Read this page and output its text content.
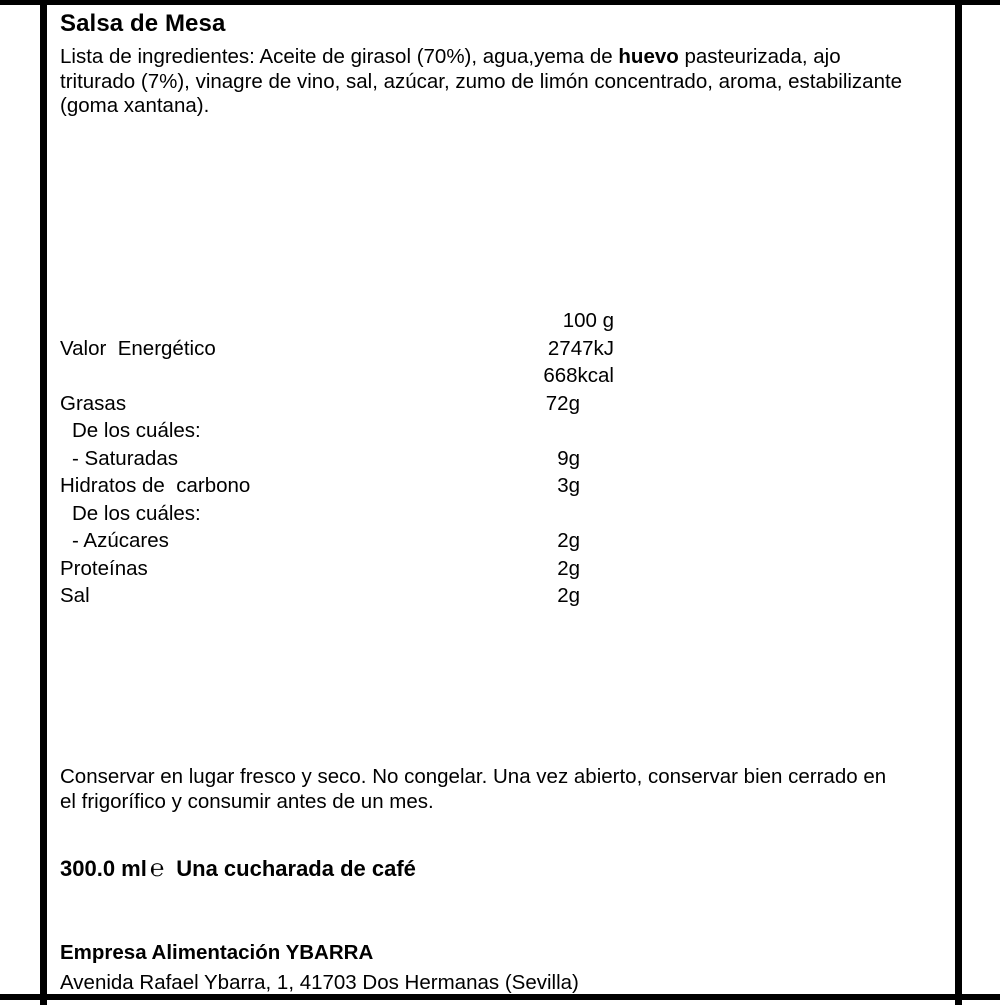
Salsa de Mesa
Lista de ingredientes: Aceite de girasol (70%), agua,yema de huevo pasteurizada, ajo triturado (7%), vinagre de vino, sal, azúcar, zumo de limón concentrado, aroma, estabilizante (goma xantana).
100 g
Valor  Energético	2747kJ
668kcal
Grasas	72g
De los cuáles:
- Saturadas	9g
Hidratos de  carbono	3g
De los cuáles:
- Azúcares	2g
Proteínas	2g
Sal	2g
Conservar en lugar fresco y seco. No congelar. Una vez abierto, conservar bien cerrado en el frigorífico y consumir antes de un mes.
300.0 ml ℮ Una cucharada de café
Empresa Alimentación YBARRA
Avenida Rafael Ybarra, 1, 41703 Dos Hermanas (Sevilla)
